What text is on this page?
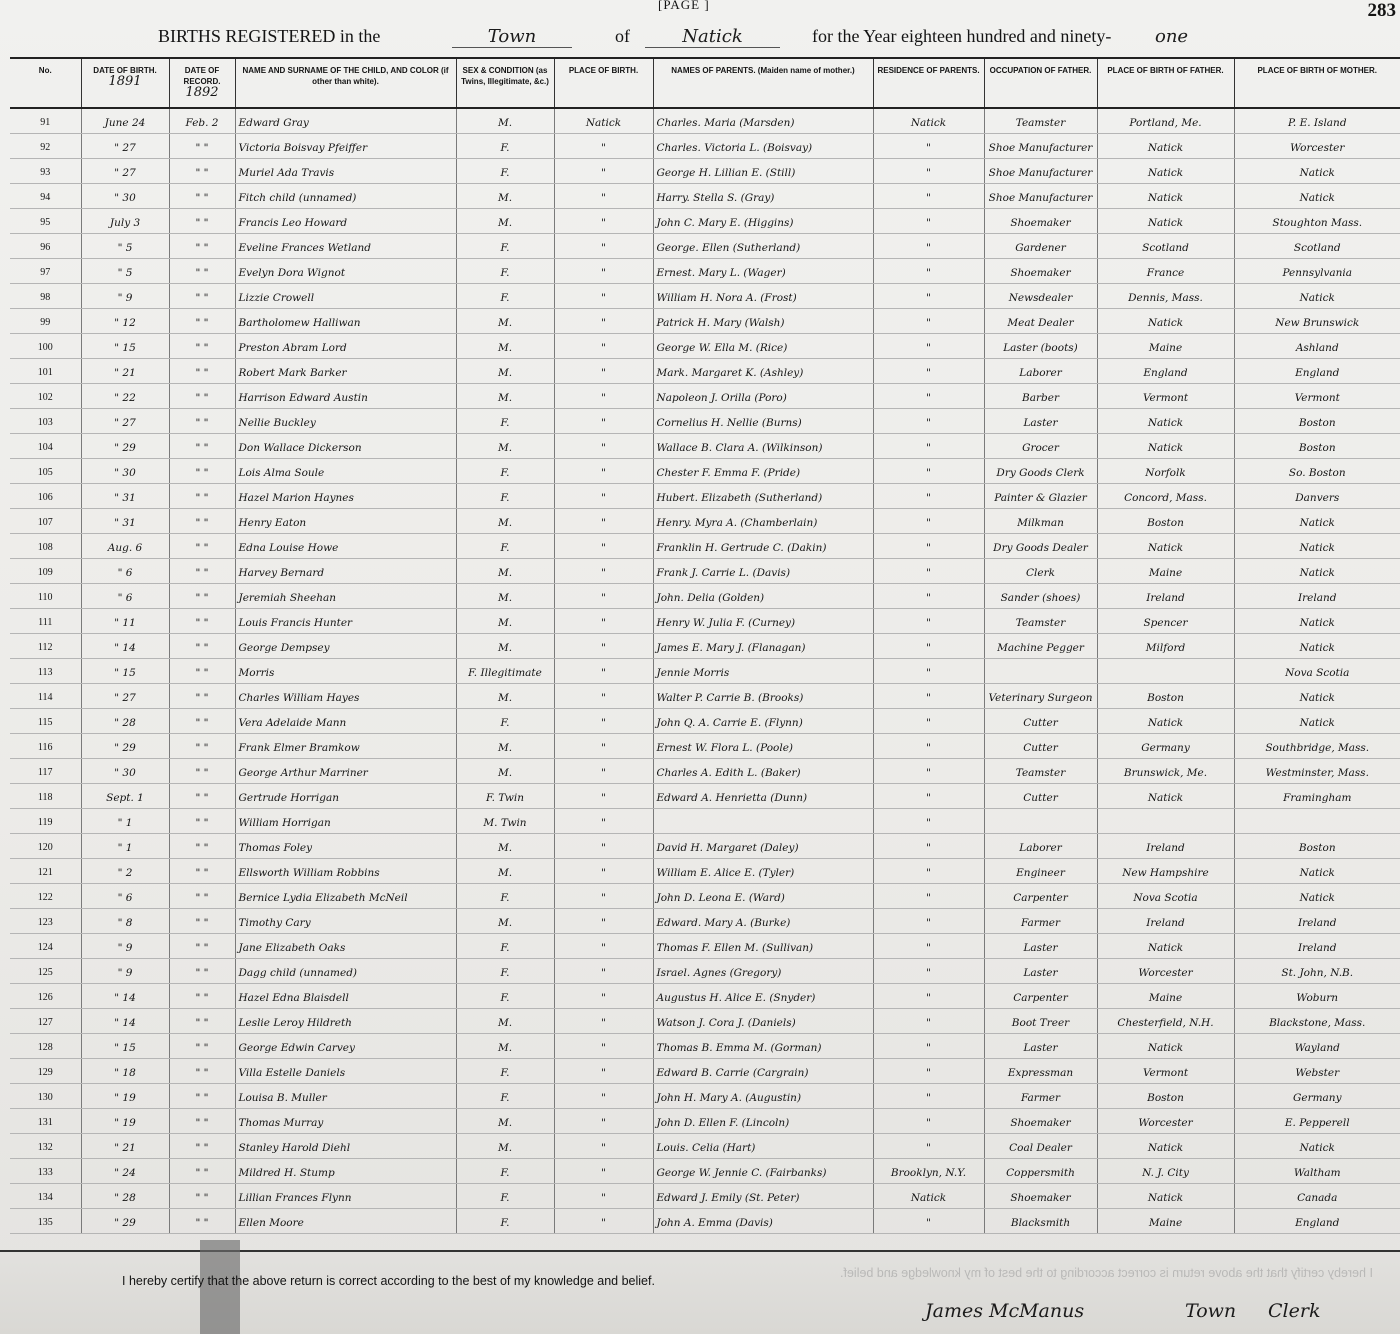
[PAGE ]	283
BIRTHS REGISTERED in the	Town	of	Natick	for the Year eighteen hundred and ninety- one
No.	DATE OF BIRTH.
1891	DATE OF RECORD.
1892	NAME AND SURNAME OF THE CHILD, AND COLOR (if other than white).	SEX & CONDITION (as Twins, Illegitimate, &c.)	PLACE OF BIRTH.	NAMES OF PARENTS. (Maiden name of mother.)	RESIDENCE OF PARENTS.	OCCUPATION OF FATHER.	PLACE OF BIRTH OF FATHER.	PLACE OF BIRTH OF MOTHER.
91	June 24	Feb. 2	Edward Gray	M.	Natick	Charles. Maria (Marsden)	Natick	Teamster	Portland, Me.	P. E. Island
92	" 27	" "	Victoria Boisvay Pfeiffer	F.	"	Charles. Victoria L. (Boisvay)	"	Shoe Manufacturer	Natick	Worcester
93	" 27	" "	Muriel Ada Travis	F.	"	George H. Lillian E. (Still)	"	Shoe Manufacturer	Natick	Natick
94	" 30	" "	Fitch child (unnamed)	M.	"	Harry. Stella S. (Gray)	"	Shoe Manufacturer	Natick	Natick
95	July 3	" "	Francis Leo Howard	M.	"	John C. Mary E. (Higgins)	"	Shoemaker	Natick	Stoughton Mass.
96	" 5	" "	Eveline Frances Wetland	F.	"	George. Ellen (Sutherland)	"	Gardener	Scotland	Scotland
97	" 5	" "	Evelyn Dora Wignot	F.	"	Ernest. Mary L. (Wager)	"	Shoemaker	France	Pennsylvania
98	" 9	" "	Lizzie Crowell	F.	"	William H. Nora A. (Frost)	"	Newsdealer	Dennis, Mass.	Natick
99	" 12	" "	Bartholomew Halliwan	M.	"	Patrick H. Mary (Walsh)	"	Meat Dealer	Natick	New Brunswick
100	" 15	" "	Preston Abram Lord	M.	"	George W. Ella M. (Rice)	"	Laster (boots)	Maine	Ashland
101	" 21	" "	Robert Mark Barker	M.	"	Mark. Margaret K. (Ashley)	"	Laborer	England	England
102	" 22	" "	Harrison Edward Austin	M.	"	Napoleon J. Orilla (Poro)	"	Barber	Vermont	Vermont
103	" 27	" "	Nellie Buckley	F.	"	Cornelius H. Nellie (Burns)	"	Laster	Natick	Boston
104	" 29	" "	Don Wallace Dickerson	M.	"	Wallace B. Clara A. (Wilkinson)	"	Grocer	Natick	Boston
105	" 30	" "	Lois Alma Soule	F.	"	Chester F. Emma F. (Pride)	"	Dry Goods Clerk	Norfolk	So. Boston
106	" 31	" "	Hazel Marion Haynes	F.	"	Hubert. Elizabeth (Sutherland)	"	Painter & Glazier	Concord, Mass.	Danvers
107	" 31	" "	Henry Eaton	M.	"	Henry. Myra A. (Chamberlain)	"	Milkman	Boston	Natick
108	Aug. 6	" "	Edna Louise Howe	F.	"	Franklin H. Gertrude C. (Dakin)	"	Dry Goods Dealer	Natick	Natick
109	" 6	" "	Harvey Bernard	M.	"	Frank J. Carrie L. (Davis)	"	Clerk	Maine	Natick
110	" 6	" "	Jeremiah Sheehan	M.	"	John. Delia (Golden)	"	Sander (shoes)	Ireland	Ireland
111	" 11	" "	Louis Francis Hunter	M.	"	Henry W. Julia F. (Curney)	"	Teamster	Spencer	Natick
112	" 14	" "	George Dempsey	M.	"	James E. Mary J. (Flanagan)	"	Machine Pegger	Milford	Natick
113	" 15	" "	Morris	F. Illegitimate	"	Jennie Morris	"			Nova Scotia
114	" 27	" "	Charles William Hayes	M.	"	Walter P. Carrie B. (Brooks)	"	Veterinary Surgeon	Boston	Natick
115	" 28	" "	Vera Adelaide Mann	F.	"	John Q. A. Carrie E. (Flynn)	"	Cutter	Natick	Natick
116	" 29	" "	Frank Elmer Bramkow	M.	"	Ernest W. Flora L. (Poole)	"	Cutter	Germany	Southbridge, Mass.
117	" 30	" "	George Arthur Marriner	M.	"	Charles A. Edith L. (Baker)	"	Teamster	Brunswick, Me.	Westminster, Mass.
118	Sept. 1	" "	Gertrude Horrigan	F. Twin	"	Edward A. Henrietta (Dunn)	"	Cutter	Natick	Framingham
119	" 1	" "	William Horrigan	M. Twin	"		"			
120	" 1	" "	Thomas Foley	M.	"	David H. Margaret (Daley)	"	Laborer	Ireland	Boston
121	" 2	" "	Ellsworth William Robbins	M.	"	William E. Alice E. (Tyler)	"	Engineer	New Hampshire	Natick
122	" 6	" "	Bernice Lydia Elizabeth McNeil	F.	"	John D. Leona E. (Ward)	"	Carpenter	Nova Scotia	Natick
123	" 8	" "	Timothy Cary	M.	"	Edward. Mary A. (Burke)	"	Farmer	Ireland	Ireland
124	" 9	" "	Jane Elizabeth Oaks	F.	"	Thomas F. Ellen M. (Sullivan)	"	Laster	Natick	Ireland
125	" 9	" "	Dagg child (unnamed)	F.	"	Israel. Agnes (Gregory)	"	Laster	Worcester	St. John, N.B.
126	" 14	" "	Hazel Edna Blaisdell	F.	"	Augustus H. Alice E. (Snyder)	"	Carpenter	Maine	Woburn
127	" 14	" "	Leslie Leroy Hildreth	M.	"	Watson J. Cora J. (Daniels)	"	Boot Treer	Chesterfield, N.H.	Blackstone, Mass.
128	" 15	" "	George Edwin Carvey	M.	"	Thomas B. Emma M. (Gorman)	"	Laster	Natick	Wayland
129	" 18	" "	Villa Estelle Daniels	F.	"	Edward B. Carrie (Cargrain)	"	Expressman	Vermont	Webster
130	" 19	" "	Louisa B. Muller	F.	"	John H. Mary A. (Augustin)	"	Farmer	Boston	Germany
131	" 19	" "	Thomas Murray	M.	"	John D. Ellen F. (Lincoln)	"	Shoemaker	Worcester	E. Pepperell
132	" 21	" "	Stanley Harold Diehl	M.	"	Louis. Celia (Hart)	"	Coal Dealer	Natick	Natick
133	" 24	" "	Mildred H. Stump	F.	"	George W. Jennie C. (Fairbanks)	Brooklyn, N.Y.	Coppersmith	N. J. City	Waltham
134	" 28	" "	Lillian Frances Flynn	F.	"	Edward J. Emily (St. Peter)	Natick	Shoemaker	Natick	Canada
135	" 29	" "	Ellen Moore	F.	"	John A. Emma (Davis)	"	Blacksmith	Maine	England
I hereby certify that the above return is correct according to the best of my knowledge and belief.
I hereby certify that the above return is correct according to the best of my knowledge and belief.
James McManus	Town Clerk
